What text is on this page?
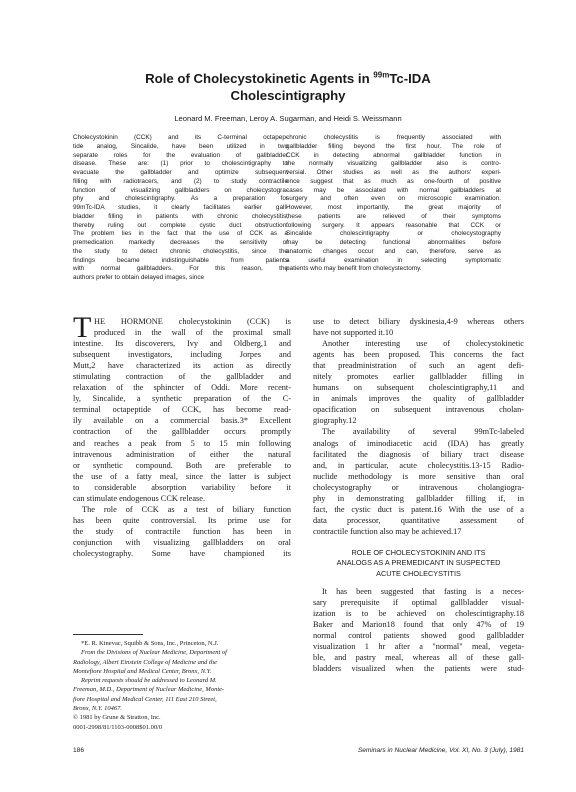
Role of Cholecystokinetic Agents in $^{99m}$Tc-IDA
Cholescintigraphy
Leonard M. Freeman, Leroy A. Sugarman, and Heidi S. Weissmann
Cholecystokinin (CCK) and its C-terminal octapep-
tide analog, Sincalide, have been utilized in two
separate roles for the evaluation of gallbladder
disease. These are: (1) prior to cholescintigraphy to
evacuate the gallbladder and optimize subsequent
filling with radiotracers, and (2) to study contractile
function of visualizing gallbladders on cholecystogra-
phy and cholescintigraphy. As a preparation for
99mTc-IDA studies, it clearly facilitates earlier gall-
bladder filling in patients with chronic cholecystitis,
thereby ruling out complete cystic duct obstruction.
The problem lies in the fact that the use of CCK as a
premedication markedly decreases the sensitivity of
the study to detect chronic cholecystitis, since the
findings became indistinguishable from patients
with normal gallbladders. For this reason, the
authors prefer to obtain delayed images, since
chronic cholecystitis is frequently associated with
gallbladder filling beyond the first hour. The role of
CCK in detecting abnormal gallbladder function in
the normally visualizing gallbladder also is contro-
versial. Other studies as well as the authors' experi-
ence suggest that as much as one-fourth of positive
cases may be associated with normal gallbladders at
surgery and often even on microscopic examination.
However, most importantly, the great majority of
these patients are relieved of their symptoms
following surgery. It appears reasonable that CCK or
Sincalide cholescintigraphy or cholecystography
may be detecting functional abnormalities before
anatomic changes occur and can, therefore, serve as
a useful examination in selecting symptomatic
patients who may benefit from cholecystectomy.
T HE HORMONE cholecystokinin (CCK) is
produced in the wall of the proximal small
intestine. Its discoverers, Ivy and Oldberg,1 and
subsequent investigators, including Jorpes and
Mutt,2 have characterized its action as directly
stimulating contraction of the gallbladder and
relaxation of the sphincter of Oddi. More recent-
ly, Sincalide, a synthetic preparation of the C-
terminal octapeptide of CCK, has become read-
ily available on a commercial basis.3* Excellent
contraction of the gallbladder occurs promptly
and reaches a peak from 5 to 15 min following
intravenous administration of either the natural
or synthetic compound. Both are preferable to
the use of a fatty meal, since the latter is subject
to considerable absorption variability before it
can stimulate endogenous CCK release.
The role of CCK as a test of biliary function
has been quite controversial. Its prime use for
the study of contractile function has been in
conjunction with visualizing gallbladders on oral
cholecystography. Some have championed its
use to detect biliary dyskinesia,4-9 whereas others
have not supported it.10
Another interesting use of cholecystokinetic
agents has been proposed. This concerns the fact
that preadministration of such an agent defi-
nitely promotes earlier gallbladder filling in
humans on subsequent cholescintigraphy,11 and
in animals improves the quality of gallbladder
opacification on subsequent intravenous cholan-
giography.12
The availability of several 99mTc-labeled
analogs of iminodiacetic acid (IDA) has greatly
facilitated the diagnosis of biliary tract disease
and, in particular, acute cholecystitis.13-15 Radio-
nuclide methodology is more sensitive than oral
cholecystography or intravenous cholangiogra-
phy in demonstrating gallbladder filling if, in
fact, the cystic duct is patent.16 With the use of a
data processor, quantitative assessment of
contractile function also may be achieved.17
ROLE OF CHOLECYSTOKININ AND ITS
ANALOGS AS A PREMEDICANT IN SUSPECTED
ACUTE CHOLECYSTITIS
It has been suggested that fasting is a neces-
sary prerequisite if optimal gallbladder visual-
ization is to be achieved on cholescintigraphy.18
Baker and Marion18 found that only 47% of 19
normal control patients showed good gallbladder
visualization 1 hr after a "normal" meal, vegeta-
ble, and pastry meal, whereas all of these gall-
bladders visualized when the patients were stud-
*E. R. Kinevac, Squibb & Sons, Inc., Princeton, N.J.
From the Divisions of Nuclear Medicine, Department of
Radiology, Albert Einstein College of Medicine and the
Montefiore Hospital and Medical Center, Bronx, N.Y.
Reprint requests should be addressed to Leonard M.
Freeman, M.D., Department of Nuclear Medicine, Monte-
fiore Hospital and Medical Center, 111 East 210 Street,
Bronx, N.Y. 10467.
© 1981 by Grune & Stratton, Inc.
0001-2998/81/1103-0008$01.00/0
186	Seminars in Nuclear Medicine, Vol. XI, No. 3 (July), 1981
